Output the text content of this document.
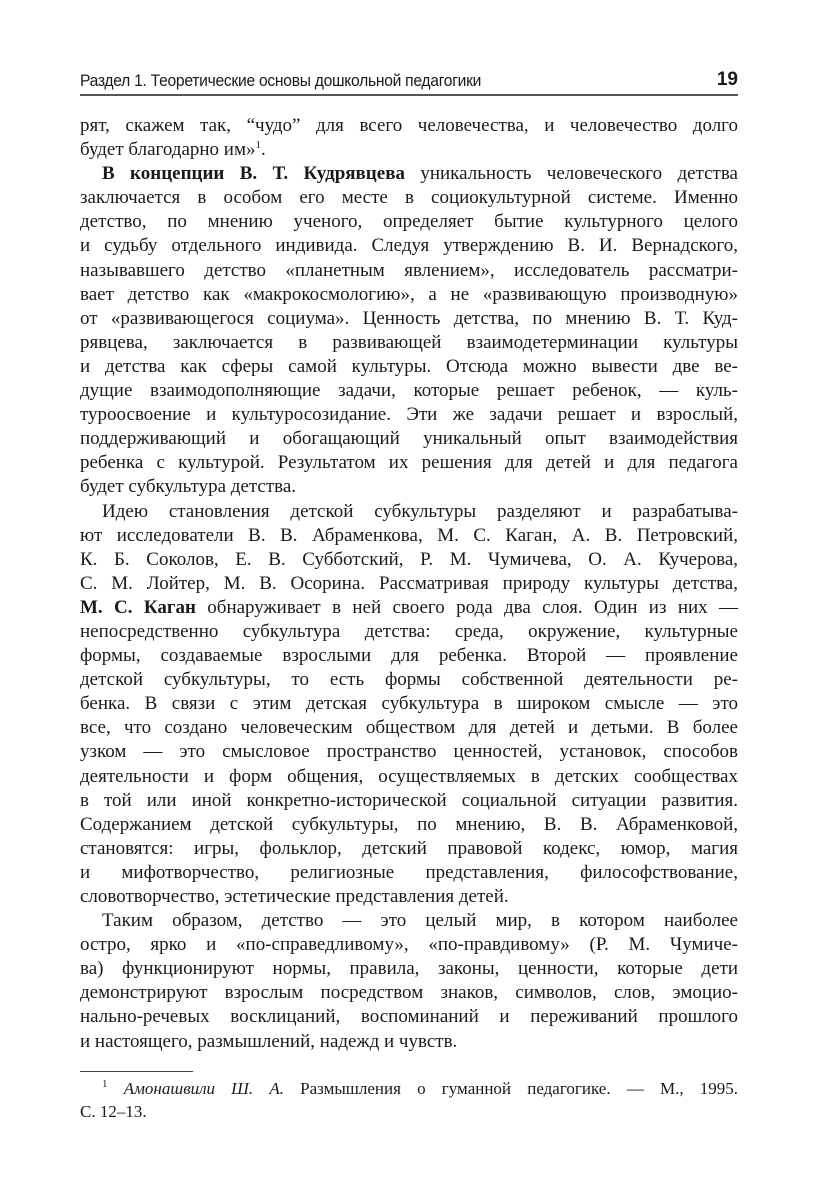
Раздел 1. Теоретические основы дошкольной педагогики	19
рят, скажем так, “чудо” для всего человечества, и человечество долго
будет благодарно им»$^1$.
В концепции В. Т. Кудрявцева уникальность человеческого детства
заключается в особом его месте в социокультурной системе. Именно
детство, по мнению ученого, определяет бытие культурного целого
и судьбу отдельного индивида. Следуя утверждению В. И. Вернадского,
называвшего детство «планетным явлением», исследователь рассматри-
вает детство как «макрокосмологию», а не «развивающую производную»
от «развивающегося социума». Ценность детства, по мнению В. Т. Куд-
рявцева, заключается в развивающей взаимодетерминации культуры
и детства как сферы самой культуры. Отсюда можно вывести две ве-
дущие взаимодополняющие задачи, которые решает ребенок, — куль-
туроосвоение и культуросозидание. Эти же задачи решает и взрослый,
поддерживающий и обогащающий уникальный опыт взаимодействия
ребенка с культурой. Результатом их решения для детей и для педагога
будет субкультура детства.
Идею становления детской субкультуры разделяют и разрабатыва-
ют исследователи В. В. Абраменкова, М. С. Каган, А. В. Петровский,
К. Б. Соколов, Е. В. Субботский, Р. М. Чумичева, О. А. Кучерова,
С. М. Лойтер, М. В. Осорина. Рассматривая природу культуры детства,
М. С. Каган обнаруживает в ней своего рода два слоя. Один из них —
непосредственно субкультура детства: среда, окружение, культурные
формы, создаваемые взрослыми для ребенка. Второй — проявление
детской субкультуры, то есть формы собственной деятельности ре-
бенка. В связи с этим детская субкультура в широком смысле — это
все, что создано человеческим обществом для детей и детьми. В более
узком — это смысловое пространство ценностей, установок, способов
деятельности и форм общения, осуществляемых в детских сообществах
в той или иной конкретно-исторической социальной ситуации развития.
Содержанием детской субкультуры, по мнению, В. В. Абраменковой,
становятся: игры, фольклор, детский правовой кодекс, юмор, магия
и мифотворчество, религиозные представления, философствование,
словотворчество, эстетические представления детей.
Таким образом, детство — это целый мир, в котором наиболее
остро, ярко и «по-справедливому», «по-правдивому» (Р. М. Чумиче-
ва) функционируют нормы, правила, законы, ценности, которые дети
демонстрируют взрослым посредством знаков, символов, слов, эмоцио-
нально-речевых восклицаний, воспоминаний и переживаний прошлого
и настоящего, размышлений, надежд и чувств.
$^1$ Амонашвили Ш. А. Размышления о гуманной педагогике. — М., 1995.
С. 12–13.
